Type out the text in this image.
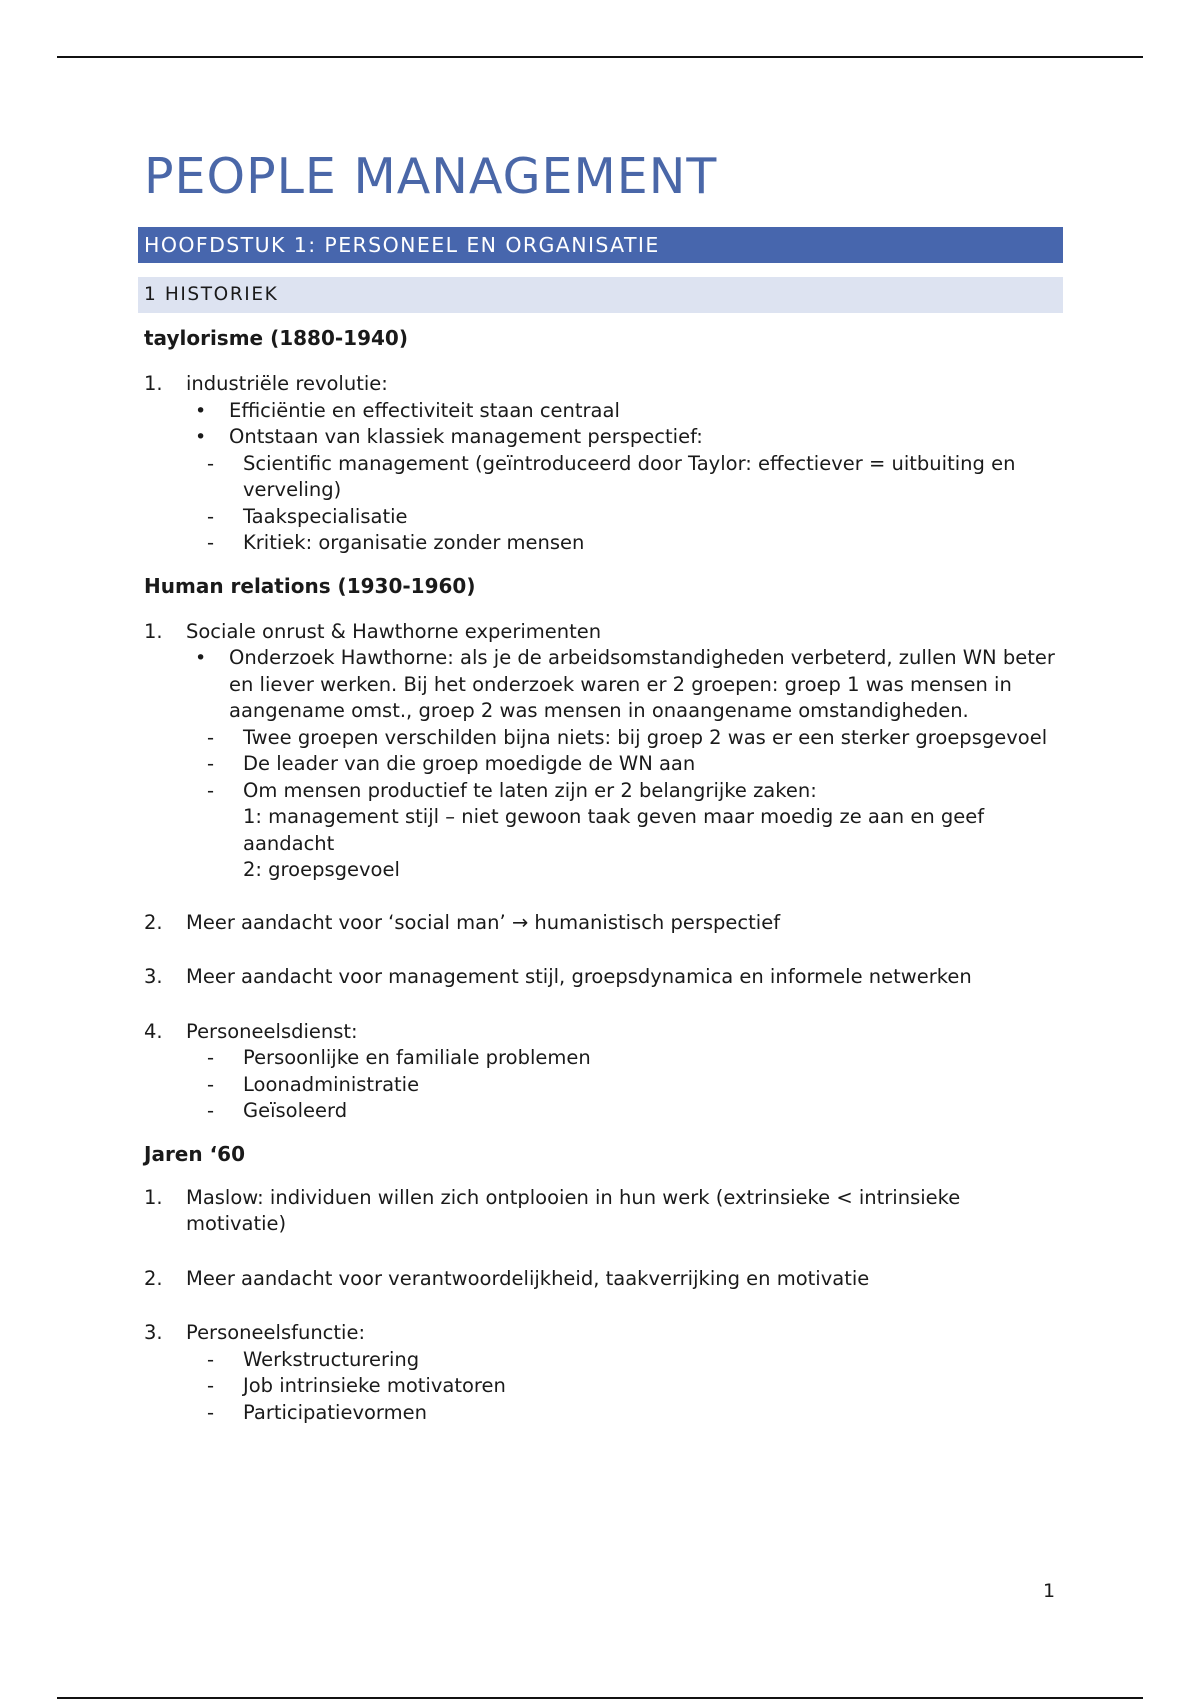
PEOPLE MANAGEMENT
HOOFDSTUK 1: PERSONEEL EN ORGANISATIE
1 HISTORIEK
taylorisme (1880-1940)
1. industriële revolutie:
• Efficiëntie en effectiviteit staan centraal
• Ontstaan van klassiek management perspectief:
- Scientific management (geïntroduceerd door Taylor: effectiever = uitbuiting en verveling)
- Taakspecialisatie
- Kritiek: organisatie zonder mensen
Human relations (1930-1960)
1. Sociale onrust & Hawthorne experimenten
• Onderzoek Hawthorne: als je de arbeidsomstandigheden verbeterd, zullen WN beter en liever werken. Bij het onderzoek waren er 2 groepen: groep 1 was mensen in aangename omst., groep 2 was mensen in onaangename omstandigheden.
- Twee groepen verschilden bijna niets: bij groep 2 was er een sterker groepsgevoel
- De leader van die groep moedigde de WN aan
- Om mensen productief te laten zijn er 2 belangrijke zaken:
1: management stijl – niet gewoon taak geven maar moedig ze aan en geef aandacht
2: groepsgevoel
2. Meer aandacht voor ‘social man’ → humanistisch perspectief
3. Meer aandacht voor management stijl, groepsdynamica en informele netwerken
4. Personeelsdienst:
- Persoonlijke en familiale problemen
- Loonadministratie
- Geïsoleerd
Jaren ‘60
1. Maslow: individuen willen zich ontplooien in hun werk (extrinsieke < intrinsieke motivatie)
2. Meer aandacht voor verantwoordelijkheid, taakverrijking en motivatie
3. Personeelsfunctie:
- Werkstructurering
- Job intrinsieke motivatoren
- Participatievormen
1
